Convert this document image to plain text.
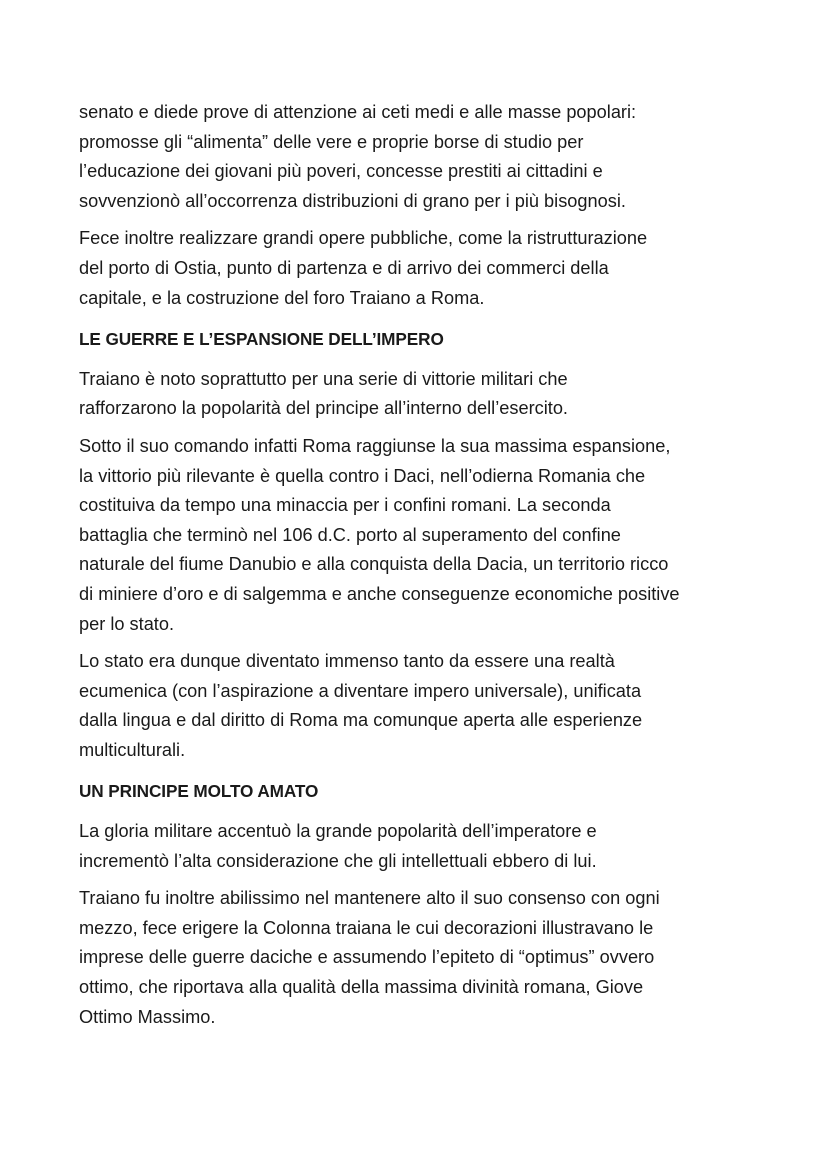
senato e diede prove di attenzione ai ceti medi e alle masse popolari:
promosse gli “alimenta” delle vere e proprie borse di studio per
l’educazione dei giovani più poveri, concesse prestiti ai cittadini e
sovvenzionò all’occorrenza distribuzioni di grano per i più bisognosi.

Fece inoltre realizzare grandi opere pubbliche, come la ristrutturazione
del porto di Ostia, punto di partenza e di arrivo dei commerci della
capitale, e la costruzione del foro Traiano a Roma.

LE GUERRE E L’ESPANSIONE DELL’IMPERO

Traiano è noto soprattutto per una serie di vittorie militari che
rafforzarono la popolarità del principe all’interno dell’esercito.

Sotto il suo comando infatti Roma raggiunse la sua massima espansione,
la vittorio più rilevante è quella contro i Daci, nell’odierna Romania che
costituiva da tempo una minaccia per i confini romani. La seconda
battaglia che terminò nel 106 d.C. porto al superamento del confine
naturale del fiume Danubio e alla conquista della Dacia, un territorio ricco
di miniere d’oro e di salgemma e anche conseguenze economiche positive
per lo stato.

Lo stato era dunque diventato immenso tanto da essere una realtà
ecumenica (con l’aspirazione a diventare impero universale), unificata
dalla lingua e dal diritto di Roma ma comunque aperta alle esperienze
multiculturali.

UN PRINCIPE MOLTO AMATO

La gloria militare accentuò la grande popolarità dell’imperatore e
incrementò l’alta considerazione che gli intellettuali ebbero di lui.

Traiano fu inoltre abilissimo nel mantenere alto il suo consenso con ogni
mezzo, fece erigere la Colonna traiana le cui decorazioni illustravano le
imprese delle guerre daciche e assumendo l’epiteto di “optimus” ovvero
ottimo, che riportava alla qualità della massima divinità romana, Giove
Ottimo Massimo.
